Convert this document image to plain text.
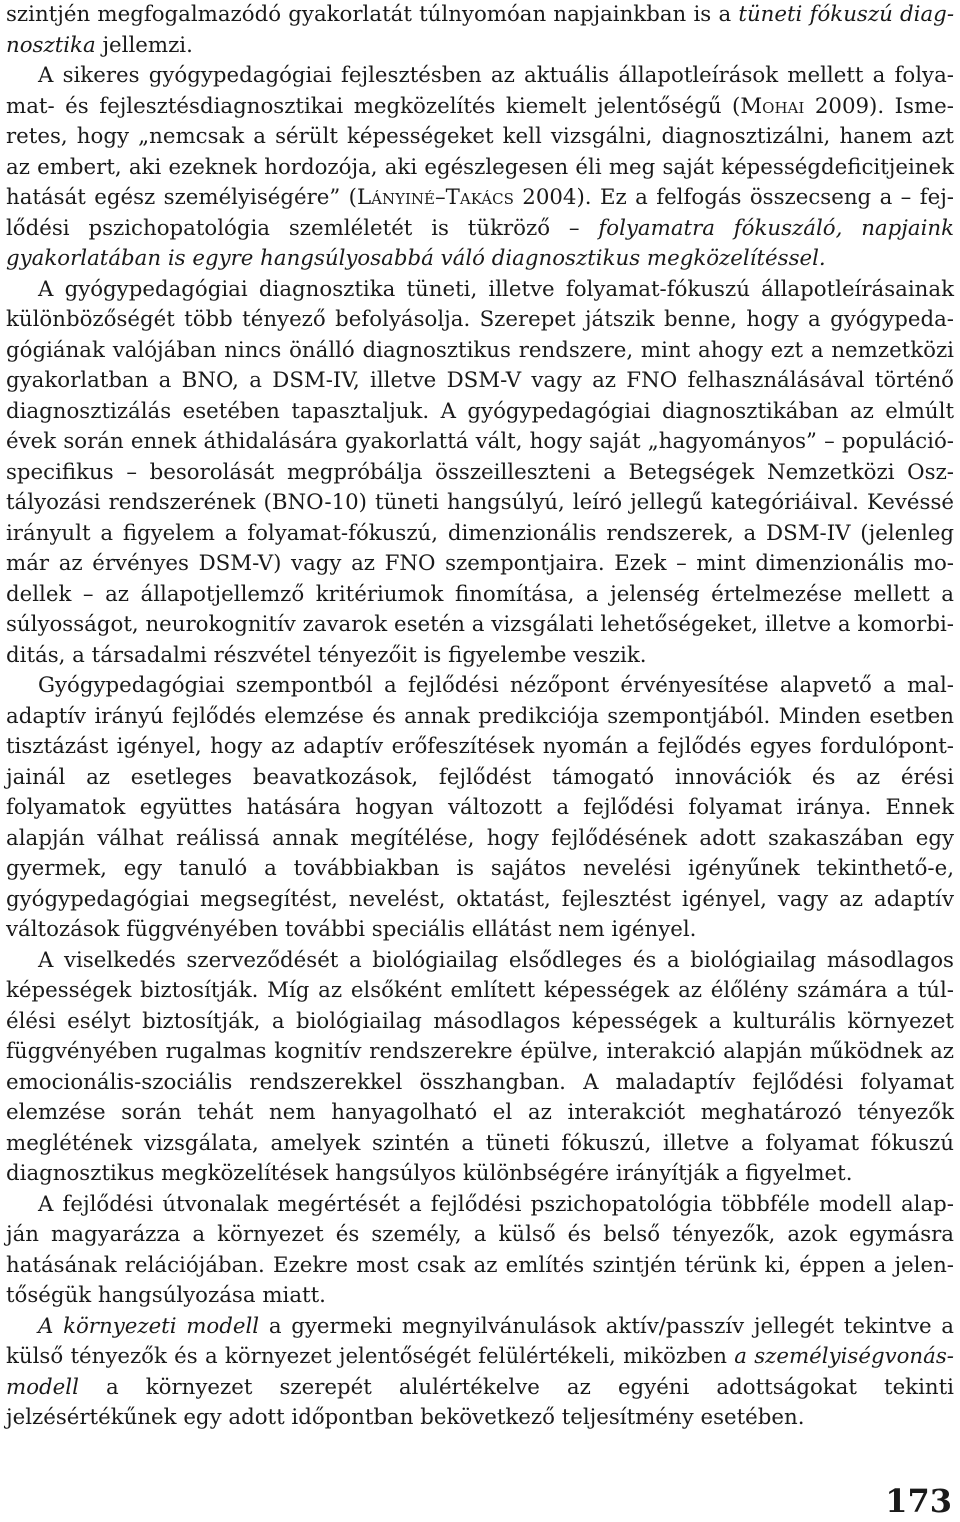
szintjén megfogalmazódó gyakorlatát túlnyomóan napjainkban is a tüneti fókuszú diagnosztika jellemzi.

A sikeres gyógypedagógiai fejlesztésben az aktuális állapotleírások mellett a folyamat- és fejlesztésdiagnosztikai megközelítés kiemelt jelentőségű (Mohai 2009). Ismeretes, hogy „nemcsak a sérült képességeket kell vizsgálni, diagnosztizálni, hanem azt az embert, aki ezeknek hordozója, aki egészlegesen éli meg saját képességdeficitjeinek hatását egész személyiségére” (Lányiné–Takács 2004). Ez a felfogás összecseng a – fejlődési pszichopatológia szemléletét is tükröző – folyamatra fókuszáló, napjaink gyakorlatában is egyre hangsúlyosabbá váló diagnosztikus megközelítéssel.

A gyógypedagógiai diagnosztika tüneti, illetve folyamat-fókuszú állapotleírásainak különbözőségét több tényező befolyásolja. Szerepet játszik benne, hogy a gyógypedagógiának valójában nincs önálló diagnosztikus rendszere, mint ahogy ezt a nemzetközi gyakorlatban a BNO, a DSM-IV, illetve DSM-V vagy az FNO felhasználásával történő diagnosztizálás esetében tapasztaljuk. A gyógypedagógiai diagnosztikában az elmúlt évek során ennek áthidalására gyakorlattá vált, hogy saját „hagyományos” – populációspecifikus – besorolását megpróbálja összeilleszteni a Betegségek Nemzetközi Osztályozási rendszerének (BNO-10) tüneti hangsúlyú, leíró jellegű kategóriáival. Kevéssé irányult a figyelem a folyamat-fókuszú, dimenzionális rendszerek, a DSM-IV (jelenleg már az érvényes DSM-V) vagy az FNO szempontjaira. Ezek – mint dimenzionális modellek – az állapotjellemző kritériumok finomítása, a jelenség értelmezése mellett a súlyosságot, neurokognitív zavarok esetén a vizsgálati lehetőségeket, illetve a komorbiditás, a társadalmi részvétel tényezőit is figyelembe veszik.

Gyógypedagógiai szempontból a fejlődési nézőpont érvényesítése alapvető a maladaptív irányú fejlődés elemzése és annak predikciója szempontjából. Minden esetben tisztázást igényel, hogy az adaptív erőfeszítések nyomán a fejlődés egyes fordulópontjainál az esetleges beavatkozások, fejlődést támogató innovációk és az érési folyamatok együttes hatására hogyan változott a fejlődési folyamat iránya. Ennek alapján válhat reálissá annak megítélése, hogy fejlődésének adott szakaszában egy gyermek, egy tanuló a továbbiakban is sajátos nevelési igényűnek tekinthető-e, gyógypedagógiai megsegítést, nevelést, oktatást, fejlesztést igényel, vagy az adaptív változások függvényében további speciális ellátást nem igényel.

A viselkedés szerveződését a biológiailag elsődleges és a biológiailag másodlagos képességek biztosítják. Míg az elsőként említett képességek az élőlény számára a túlélési esélyt biztosítják, a biológiailag másodlagos képességek a kulturális környezet függvényében rugalmas kognitív rendszerekre épülve, interakció alapján működnek az emocionális-szociális rendszerekkel összhangban. A maladaptív fejlődési folyamat elemzése során tehát nem hanyagolható el az interakciót meghatározó tényezők meglétének vizsgálata, amelyek szintén a tüneti fókuszú, illetve a folyamat fókuszú diagnosztikus megközelítések hangsúlyos különbségére irányítják a figyelmet.

A fejlődési útvonalak megértését a fejlődési pszichopatológia többféle modell alapján magyarázza a környezet és személy, a külső és belső tényezők, azok egymásra hatásának relációjában. Ezekre most csak az említés szintjén térünk ki, éppen a jelentőségük hangsúlyozása miatt.

A környezeti modell a gyermeki megnyilvánulások aktív/passzív jellegét tekintve a külső tényezők és a környezet jelentőségét felülértékeli, miközben a személyiségvonásmodell a környezet szerepét alulértékelve az egyéni adottságokat tekinti jelzésértékűnek egy adott időpontban bekövetkező teljesítmény esetében.

173
